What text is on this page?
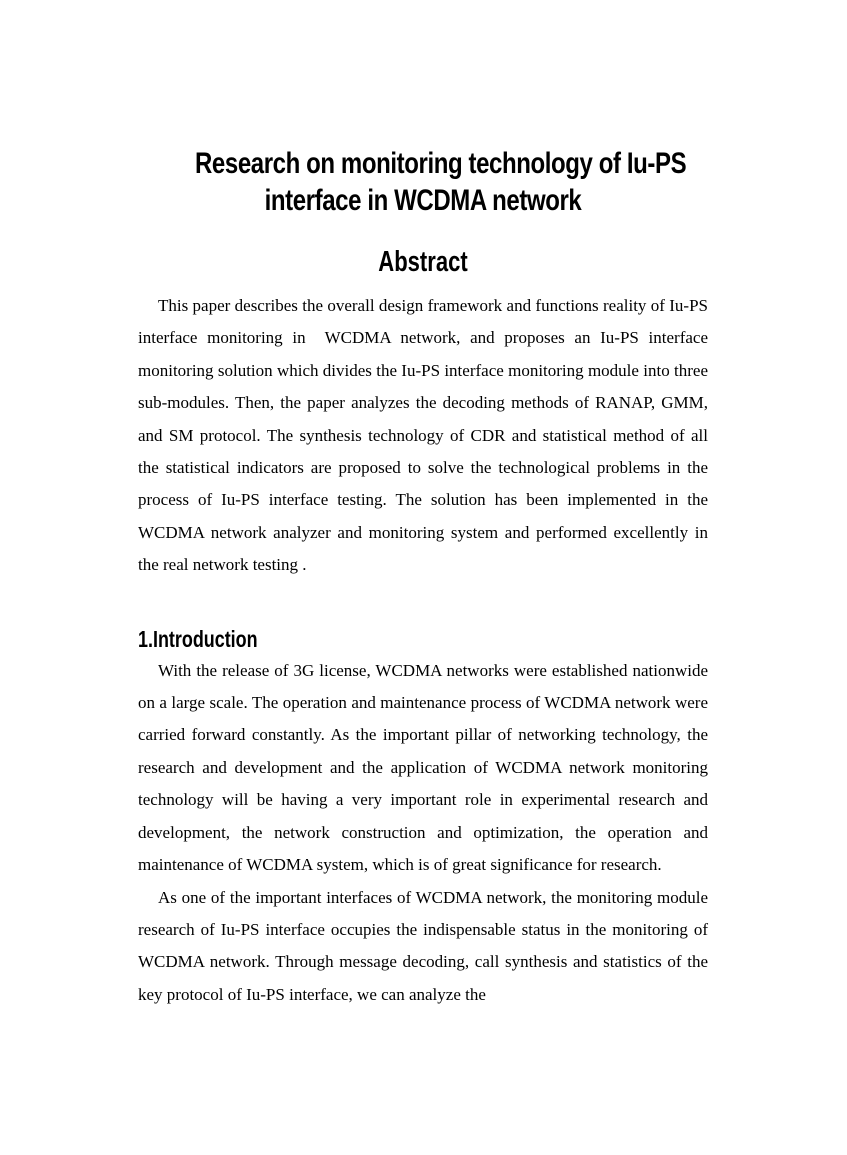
Research on monitoring technology of Iu-PS
interface in WCDMA network
Abstract

This paper describes the overall design framework and functions reality of Iu-PS interface monitoring in  WCDMA network, and proposes an Iu-PS interface monitoring solution which divides the Iu-PS interface monitoring module into three sub-modules. Then, the paper analyzes the decoding methods of RANAP, GMM, and SM protocol. The synthesis technology of CDR and statistical method of all the statistical indicators are proposed to solve the technological problems in the process of Iu-PS interface testing. The solution has been implemented in the WCDMA network analyzer and monitoring system and performed excellently in the real network testing .

1.Introduction

With the release of 3G license, WCDMA networks were established nationwide on a large scale. The operation and maintenance process of WCDMA network were carried forward constantly. As the important pillar of networking technology, the research and development and the application of WCDMA network monitoring technology will be having a very important role in experimental research and development, the network construction and optimization, the operation and maintenance of WCDMA system, which is of great significance for research.

As one of the important interfaces of WCDMA network, the monitoring module research of Iu-PS interface occupies the indispensable status in the monitoring of WCDMA network. Through message decoding, call synthesis and statistics of the key protocol of Iu-PS interface, we can analyze the
